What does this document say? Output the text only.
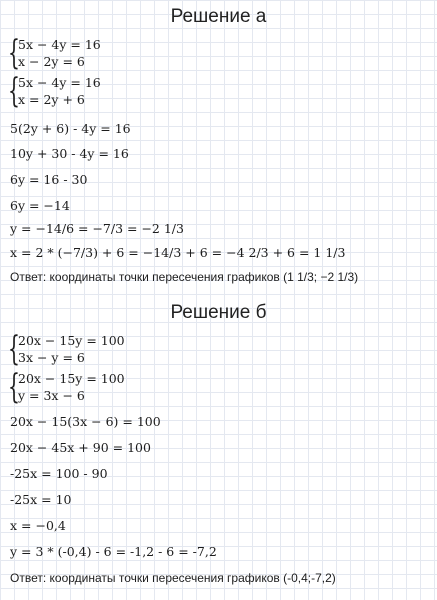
Решение а
{
5x − 4y = 16
x − 2y = 6
{
5x − 4y = 16
x = 2y + 6
5(2y + 6) - 4y = 16
10y + 30 - 4y = 16
6y = 16 - 30
6y = −14
y = −14/6 = −7/3 = −2 1/3
x = 2 * (−7/3) + 6 = −14/3 + 6 = −4 2/3 + 6 = 1 1/3
Ответ: координаты точки пересечения графиков (1 1/3; −2 1/3)
Решение б
{
20x − 15y = 100
3x − y = 6
{
20x − 15y = 100
y = 3x − 6
20x − 15(3x − 6) = 100
20x − 45x + 90 = 100
-25x = 100 - 90
-25x = 10
x = −0,4
y = 3 * (-0,4) - 6 = -1,2 - 6 = -7,2
Ответ: координаты точки пересечения графиков (-0,4;-7,2)
